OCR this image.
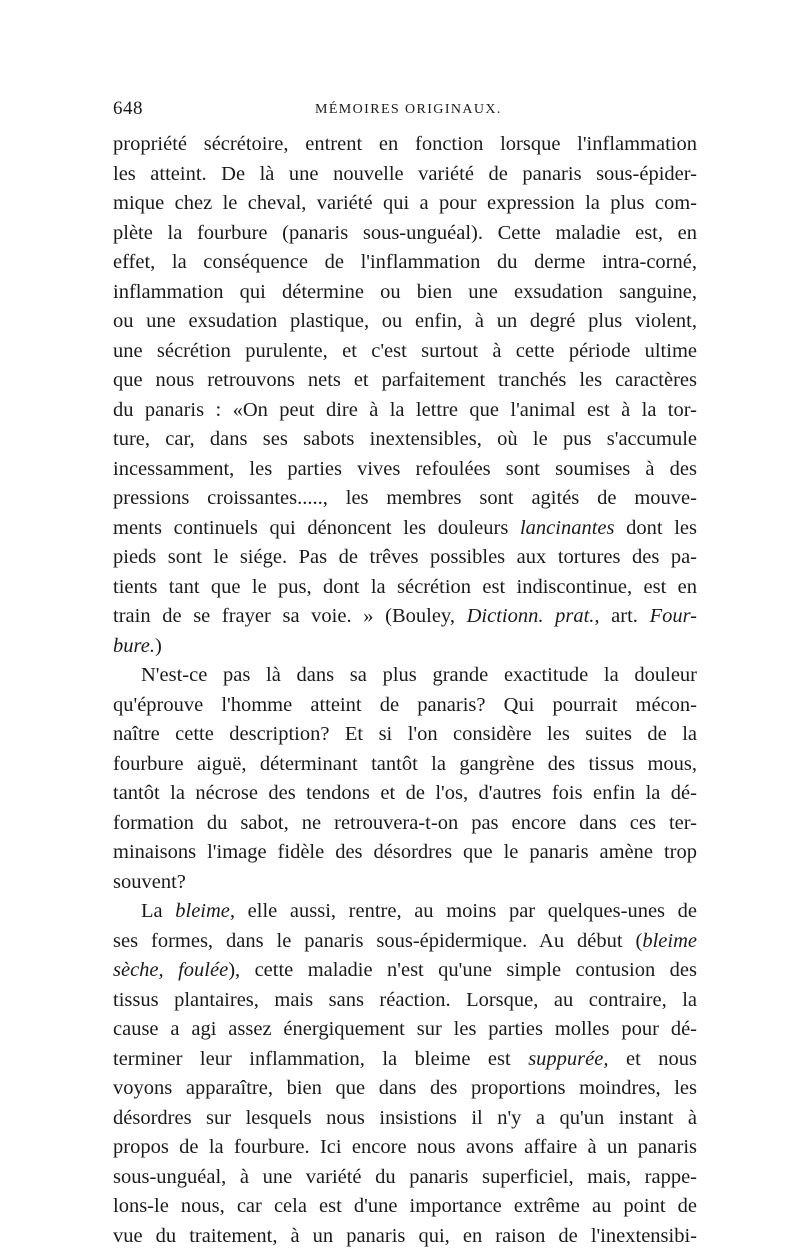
648	MÉMOIRES ORIGINAUX.
propriété sécrétoire, entrent en fonction lorsque l'inflammation
les atteint. De là une nouvelle variété de panaris sous-épider-
mique chez le cheval, variété qui a pour expression la plus com-
plète la fourbure (panaris sous-unguéal). Cette maladie est, en
effet, la conséquence de l'inflammation du derme intra-corné,
inflammation qui détermine ou bien une exsudation sanguine,
ou une exsudation plastique, ou enfin, à un degré plus violent,
une sécrétion purulente, et c'est surtout à cette période ultime
que nous retrouvons nets et parfaitement tranchés les caractères
du panaris : «On peut dire à la lettre que l'animal est à la tor-
ture, car, dans ses sabots inextensibles, où le pus s'accumule
incessamment, les parties vives refoulées sont soumises à des
pressions croissantes....., les membres sont agités de mouve-
ments continuels qui dénoncent les douleurs lancinantes dont les
pieds sont le siége. Pas de trêves possibles aux tortures des pa-
tients tant que le pus, dont la sécrétion est indiscontinue, est en
train de se frayer sa voie. » (Bouley, Dictionn. prat., art. Four-
bure.)
N'est-ce pas là dans sa plus grande exactitude la douleur
qu'éprouve l'homme atteint de panaris? Qui pourrait mécon-
naître cette description? Et si l'on considère les suites de la
fourbure aiguë, déterminant tantôt la gangrène des tissus mous,
tantôt la nécrose des tendons et de l'os, d'autres fois enfin la dé-
formation du sabot, ne retrouvera-t-on pas encore dans ces ter-
minaisons l'image fidèle des désordres que le panaris amène trop
souvent?
La bleime, elle aussi, rentre, au moins par quelques-unes de
ses formes, dans le panaris sous-épidermique. Au début (bleime
sèche, foulée), cette maladie n'est qu'une simple contusion des
tissus plantaires, mais sans réaction. Lorsque, au contraire, la
cause a agi assez énergiquement sur les parties molles pour dé-
terminer leur inflammation, la bleime est suppurée, et nous
voyons apparaître, bien que dans des proportions moindres, les
désordres sur lesquels nous insistions il n'y a qu'un instant à
propos de la fourbure. Ici encore nous avons affaire à un panaris
sous-unguéal, à une variété du panaris superficiel, mais, rappe-
lons-le nous, car cela est d'une importance extrême au point de
vue du traitement, à un panaris qui, en raison de l'inextensibi-
